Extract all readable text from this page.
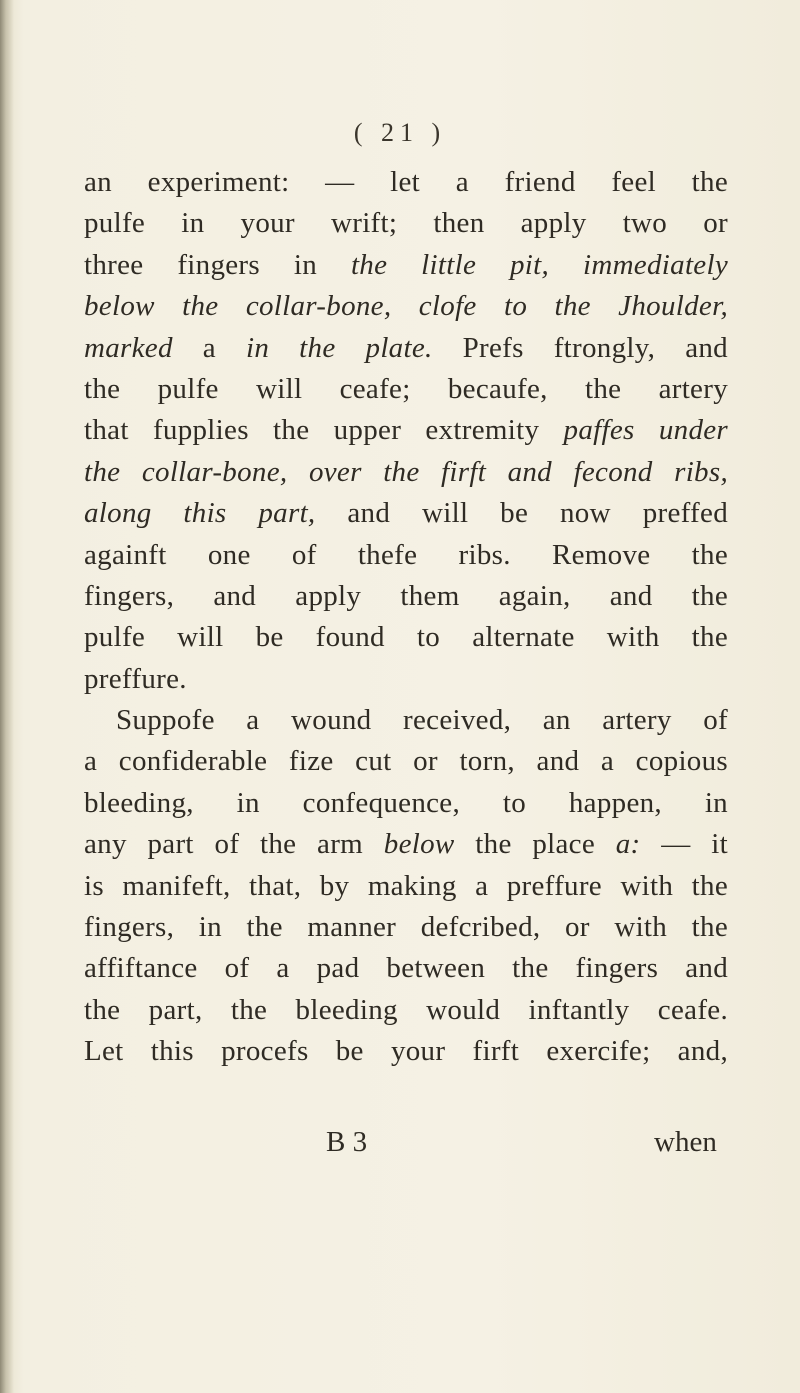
( 21 )
an experiment: — let a friend feel the
pulfe in your wrift; then apply two or
three fingers in the little pit, immediately
below the collar-bone, clofe to the Jhoulder,
marked a in the plate. Prefs ftrongly, and
the pulfe will ceafe; becaufe, the artery
that fupplies the upper extremity paffes under
the collar-bone, over the firft and fecond ribs,
along this part, and will be now preffed
againft one of thefe ribs. Remove the
fingers, and apply them again, and the
pulfe will be found to alternate with the
preffure.
Suppofe a wound received, an artery of
a confiderable fize cut or torn, and a copious
bleeding, in confequence, to happen, in
any part of the arm below the place a: — it
is manifeft, that, by making a preffure with the
fingers, in the manner defcribed, or with the
affiftance of a pad between the fingers and
the part, the bleeding would inftantly ceafe.
Let this procefs be your firft exercife; and,
B 3	when
